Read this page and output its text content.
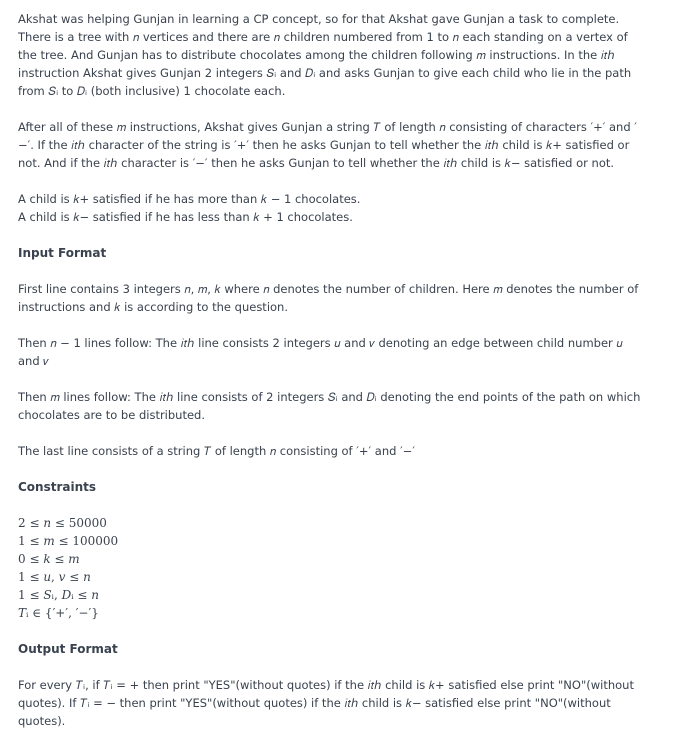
Akshat was helping Gunjan in learning a CP concept, so for that Akshat gave Gunjan a task to complete. There is a tree with 𝑛 vertices and there are 𝑛 children numbered from 1 to 𝑛 each standing on a vertex of the tree. And Gunjan has to distribute chocolates among the children following 𝑚 instructions. In the 𝑖𝑡ℎ instruction Akshat gives Gunjan 2 integers 𝑆ᵢ and 𝐷ᵢ and asks Gunjan to give each child who lie in the path from 𝑆ᵢ to 𝐷ᵢ (both inclusive) 1 chocolate each.

After all of these 𝑚 instructions, Akshat gives Gunjan a string 𝑇 of length 𝑛 consisting of characters ′+′ and ′−′. If the 𝑖𝑡ℎ character of the string is ′+′ then he asks Gunjan to tell whether the 𝑖𝑡ℎ child is 𝑘+ satisfied or not. And if the 𝑖𝑡ℎ character is ′−′ then he asks Gunjan to tell whether the 𝑖𝑡ℎ child is 𝑘− satisfied or not.

A child is 𝑘+ satisfied if he has more than 𝑘 − 1 chocolates.
A child is 𝑘− satisfied if he has less than 𝑘 + 1 chocolates.

Input Format

First line contains 3 integers 𝑛, 𝑚, 𝑘 where 𝑛 denotes the number of children. Here 𝑚 denotes the number of instructions and 𝑘 is according to the question.

Then 𝑛 − 1 lines follow: The 𝑖𝑡ℎ line consists 2 integers 𝑢 and 𝑣 denoting an edge between child number 𝑢 and 𝑣

Then 𝑚 lines follow: The 𝑖𝑡ℎ line consists of 2 integers 𝑆ᵢ and 𝐷ᵢ denoting the end points of the path on which chocolates are to be distributed.

The last line consists of a string 𝑇 of length 𝑛 consisting of ′+′ and ′−′

Constraints
2 ≤ 𝑛 ≤ 50000
1 ≤ 𝑚 ≤ 100000
0 ≤ 𝑘 ≤ 𝑚
1 ≤ 𝑢, 𝑣 ≤ 𝑛
1 ≤ 𝑆ᵢ, 𝐷ᵢ ≤ 𝑛
𝑇ᵢ ∈ {′+′, ′−′}
Output Format

For every 𝑇ᵢ, if 𝑇ᵢ = + then print "YES"(without quotes) if the 𝑖𝑡ℎ child is 𝑘+ satisfied else print "NO"(without quotes). If 𝑇ᵢ = − then print "YES"(without quotes) if the 𝑖𝑡ℎ child is 𝑘− satisfied else print "NO"(without quotes).
